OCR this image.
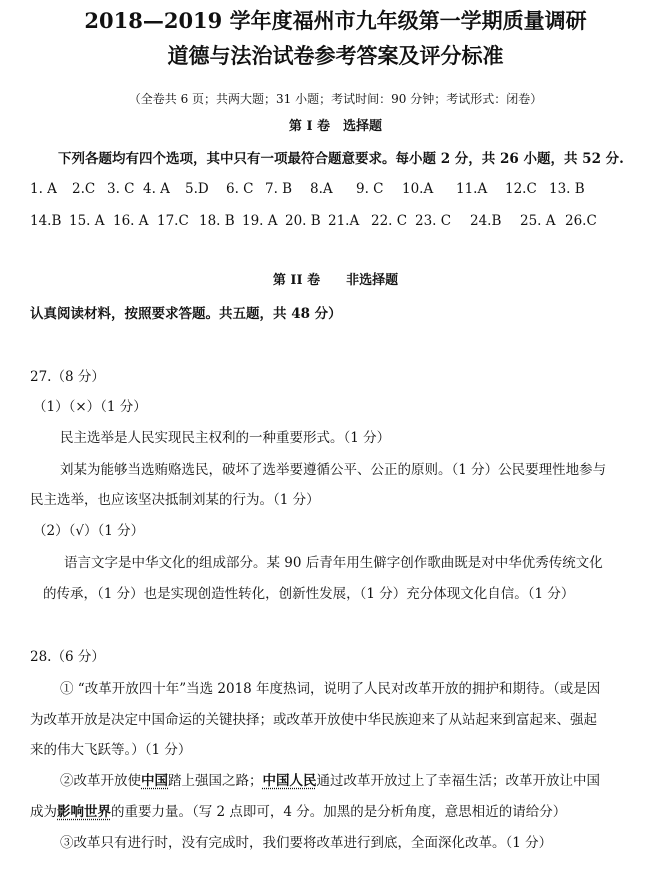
2018—2019 学年度福州市九年级第一学期质量调研
道德与法治试卷参考答案及评分标准
（全卷共 6 页；共两大题；31 小题；考试时间：90 分钟；考试形式：闭卷）
第 I 卷　选择题
下列各题均有四个选项，其中只有一项最符合题意要求。每小题 2 分，共 26 小题，共 52 分.
1. A 2.C 3. C 4. A 5.D 6. C 7. B 8.A 9. C 10.A 11.A 12.C 13. B
14.B 15. A 16. A 17.C 18. B 19. A 20. B 21.A 22. C 23. C 24.B 25. A 26.C
第 II 卷　　非选择题
认真阅读材料，按照要求答题。共五题，共 48 分）
27.（8 分）
（1）（×）（1 分）
民主选举是人民实现民主权利的一种重要形式。（1 分）
刘某为能够当选贿赂选民，破坏了选举要遵循公平、公正的原则。（1 分）公民要理性地参与
民主选举，也应该坚决抵制刘某的行为。（1 分）
（2）（√）（1 分）
语言文字是中华文化的组成部分。某 90 后青年用生僻字创作歌曲既是对中华优秀传统文化
的传承，（1 分）也是实现创造性转化，创新性发展，（1 分）充分体现文化自信。（1 分）
28.（6 分）
① “改革开放四十年”当选 2018 年度热词，说明了人民对改革开放的拥护和期待。（或是因
为改革开放是决定中国命运的关键抉择；或改革开放使中华民族迎来了从站起来到富起来、强起
来的伟大飞跃等。）（1 分）
②改革开放使中国踏上强国之路；中国人民通过改革开放过上了幸福生活；改革开放让中国
成为影响世界的重要力量。（写 2 点即可，4 分。加黑的是分析角度，意思相近的请给分）
③改革只有进行时，没有完成时，我们要将改革进行到底，全面深化改革。（1 分）
